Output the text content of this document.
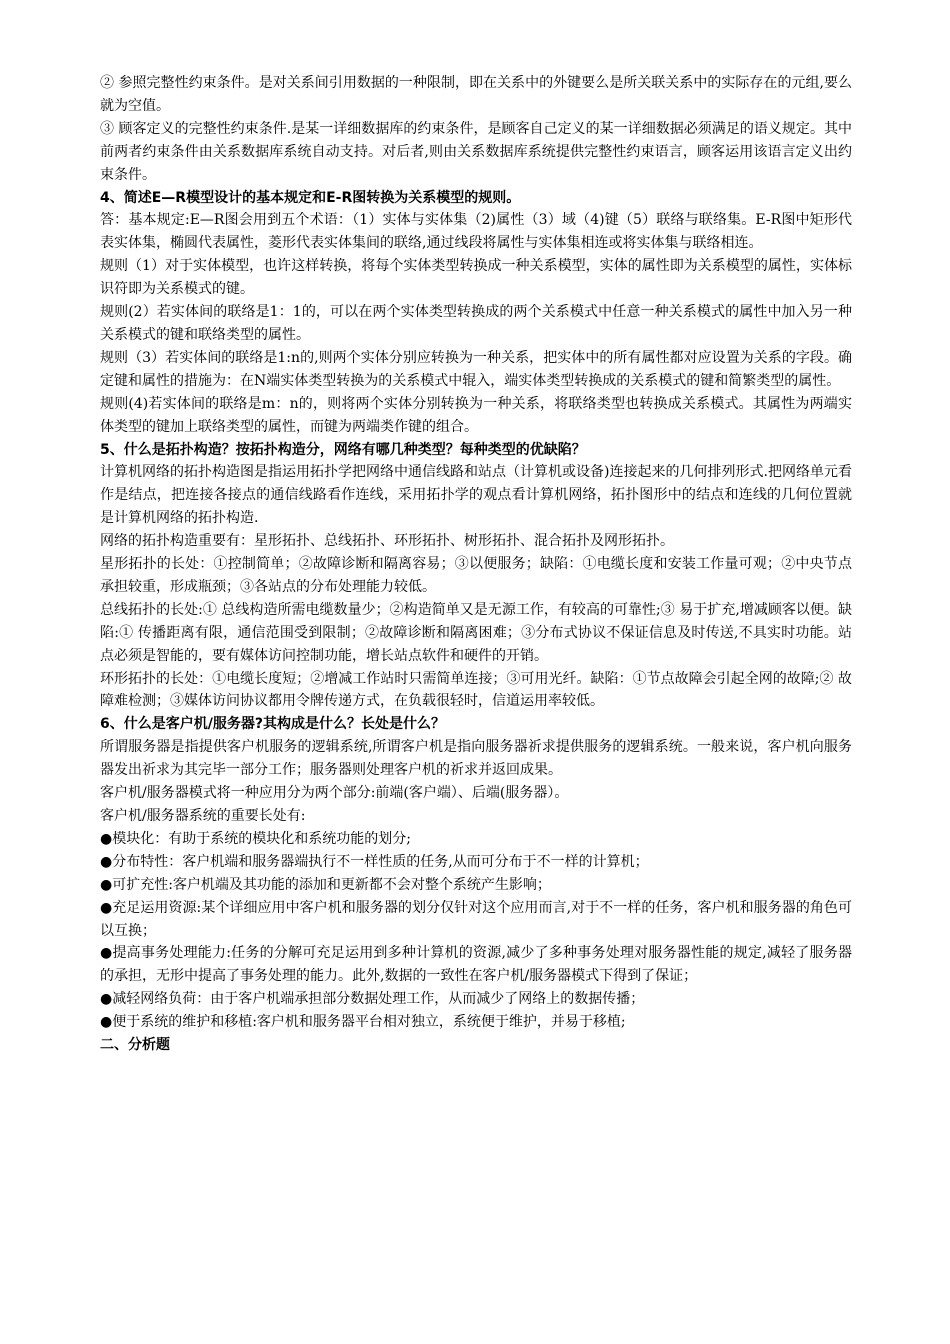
② 参照完整性约束条件。是对关系间引用数据的一种限制，即在关系中的外键要么是所关联关系中的实际存在的元组,要么就为空值。

③ 顾客定义的完整性约束条件.是某一详细数据库的约束条件，是顾客自己定义的某一详细数据必须满足的语义规定。其中前两者约束条件由关系数据库系统自动支持。对后者,则由关系数据库系统提供完整性约束语言，顾客运用该语言定义出约束条件。

4、简述E—R模型设计的基本规定和E-R图转换为关系模型的规则。

答：基本规定:E—R图会用到五个术语：（1）实体与实体集（2)属性（3）域（4)键（5）联络与联络集。E-R图中矩形代表实体集，椭圆代表属性，菱形代表实体集间的联络,通过线段将属性与实体集相连或将实体集与联络相连。

规则（1）对于实体模型，也许这样转换，将每个实体类型转换成一种关系模型，实体的属性即为关系模型的属性，实体标识符即为关系模式的键。

规则(2）若实体间的联络是1：1的，可以在两个实体类型转换成的两个关系模式中任意一种关系模式的属性中加入另一种关系模式的键和联络类型的属性。

规则（3）若实体间的联络是1:n的,则两个实体分别应转换为一种关系，把实体中的所有属性都对应设置为关系的字段。确定键和属性的措施为：在N端实体类型转换为的关系模式中辊入，端实体类型转换成的关系模式的键和简繁类型的属性。

规则(4)若实体间的联络是m：n的，则将两个实体分别转换为一种关系，将联络类型也转换成关系模式。其属性为两端实体类型的键加上联络类型的属性，而键为两端类作键的组合。

5、什么是拓扑构造？按拓扑构造分，网络有哪几种类型？每种类型的优缺陷？

计算机网络的拓扑构造图是指运用拓扑学把网络中通信线路和站点（计算机或设备)连接起来的几何排列形式.把网络单元看作是结点，把连接各接点的通信线路看作连线，采用拓扑学的观点看计算机网络，拓扑图形中的结点和连线的几何位置就是计算机网络的拓扑构造.

网络的拓扑构造重要有：星形拓扑、总线拓扑、环形拓扑、树形拓扑、混合拓扑及网形拓扑。

星形拓扑的长处：①控制简单；②故障诊断和隔离容易；③以便服务；缺陷：①电缆长度和安装工作量可观；②中央节点承担较重，形成瓶颈；③各站点的分布处理能力较低。

总线拓扑的长处:① 总线构造所需电缆数量少；②构造简单又是无源工作，有较高的可靠性;③ 易于扩充,增减顾客以便。缺陷:① 传播距离有限，通信范围受到限制；②故障诊断和隔离困难；③分布式协议不保证信息及时传送,不具实时功能。站点必须是智能的，要有媒体访问控制功能，增长站点软件和硬件的开销。

环形拓扑的长处：①电缆长度短；②增减工作站时只需简单连接；③可用光纤。缺陷：①节点故障会引起全网的故障;② 故障难检测；③媒体访问协议都用令牌传递方式，在负载很轻时，信道运用率较低。

6、什么是客户机/服务器?其构成是什么？长处是什么？

所谓服务器是指提供客户机服务的逻辑系统,所谓客户机是指向服务器祈求提供服务的逻辑系统。一般来说，客户机向服务器发出祈求为其完毕一部分工作；服务器则处理客户机的祈求并返回成果。

客户机/服务器模式将一种应用分为两个部分:前端(客户端）、后端(服务器）。

客户机/服务器系统的重要长处有:

●模块化：有助于系统的模块化和系统功能的划分;

●分布特性：客户机端和服务器端执行不一样性质的任务,从而可分布于不一样的计算机；

●可扩充性:客户机端及其功能的添加和更新都不会对整个系统产生影响；

●充足运用资源:某个详细应用中客户机和服务器的划分仅针对这个应用而言,对于不一样的任务，客户机和服务器的角色可以互换；

●提高事务处理能力:任务的分解可充足运用到多种计算机的资源,减少了多种事务处理对服务器性能的规定,减轻了服务器的承担，无形中提高了事务处理的能力。此外,数据的一致性在客户机/服务器模式下得到了保证；

●减轻网络负荷：由于客户机端承担部分数据处理工作，从而减少了网络上的数据传播；

●便于系统的维护和移植:客户机和服务器平台相对独立，系统便于维护，并易于移植;

二、分析题
